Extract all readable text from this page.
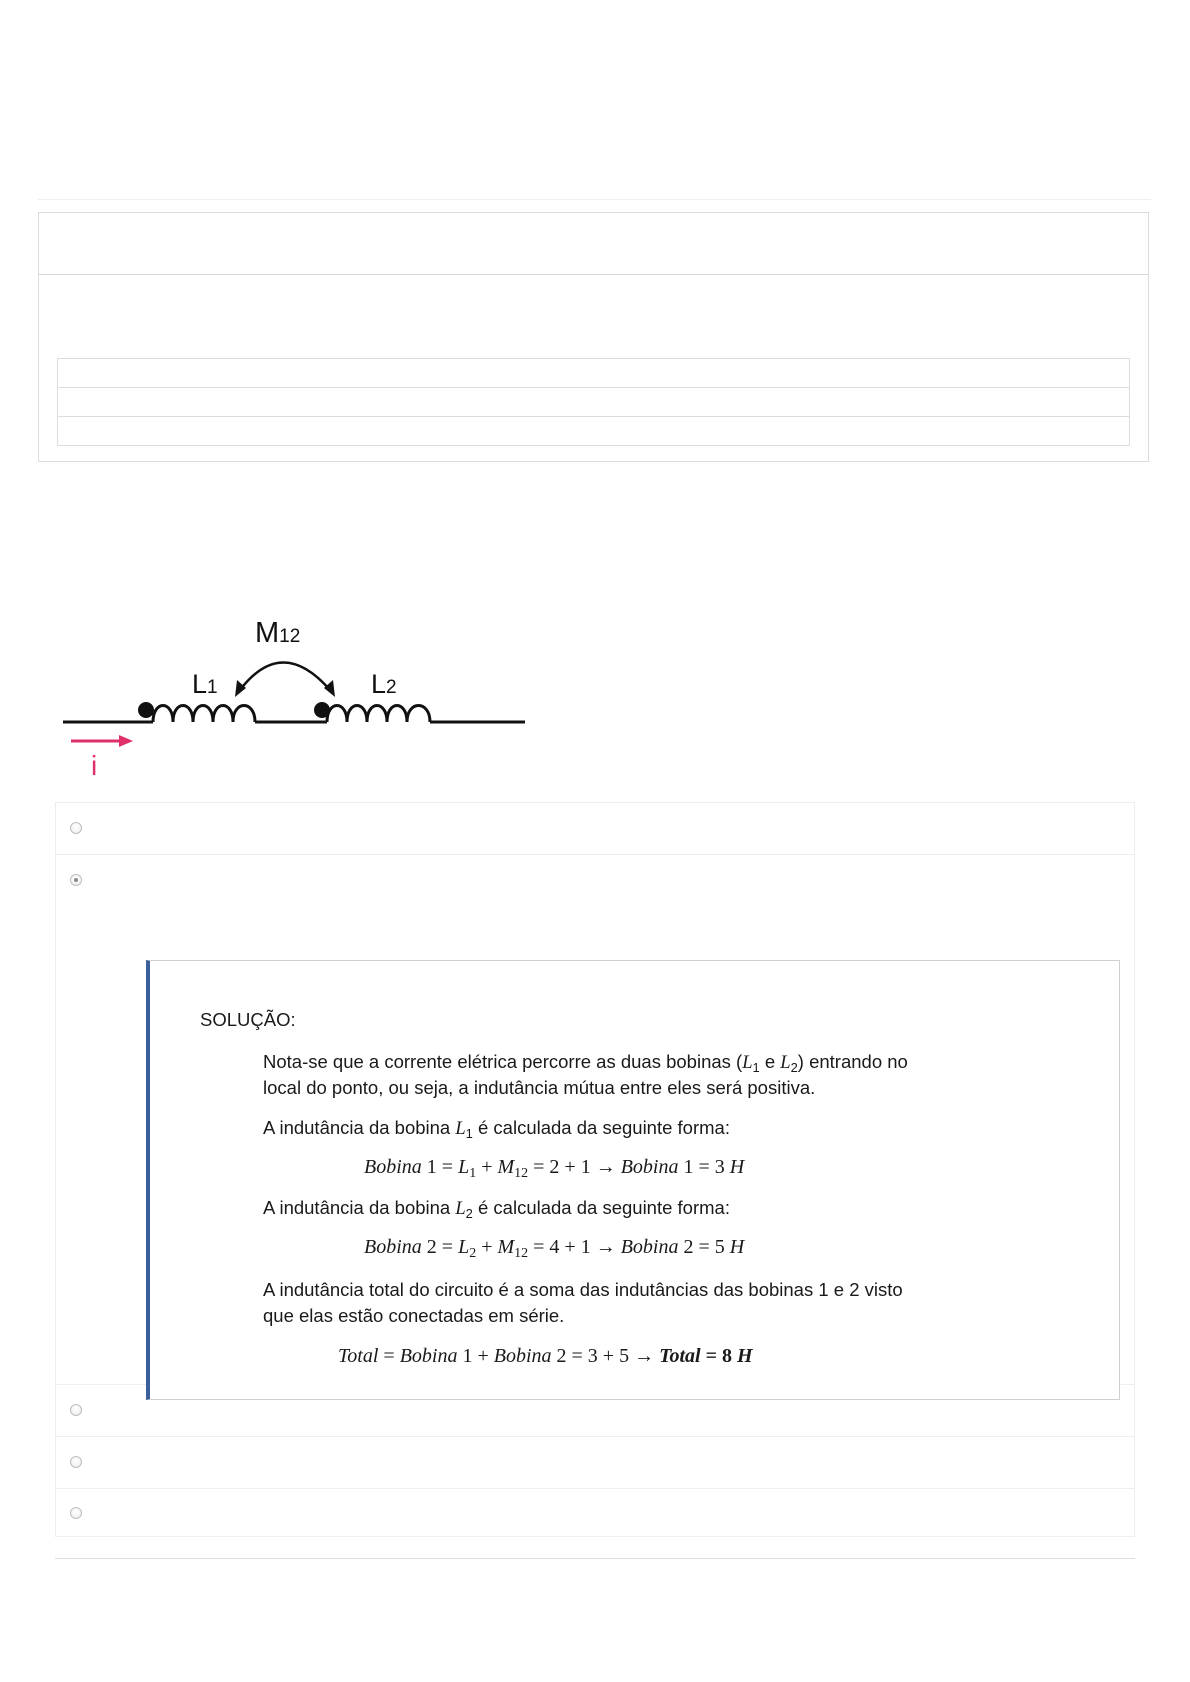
M12
L1	L2
i
SOLUÇÃO:
Nota-se que a corrente elétrica percorre as duas bobinas ($L_1$ e $L_2$) entrando no
local do ponto, ou seja, a indutância mútua entre eles será positiva.
A indutância da bobina $L_1$ é calculada da seguinte forma:
Bobina $1 = L_1 + M_{12} = 2 + 1$ → Bobina 1 = 3 H
A indutância da bobina $L_2$ é calculada da seguinte forma:
Bobina $2 = L_2 + M_{12} = 4 + 1$ → Bobina 2 = 5 H
A indutância total do circuito é a soma das indutâncias das bobinas 1 e 2 visto
que elas estão conectadas em série.
Total = Bobina 1 + Bobina 2 = 3 + 5 → Total = 8 H
